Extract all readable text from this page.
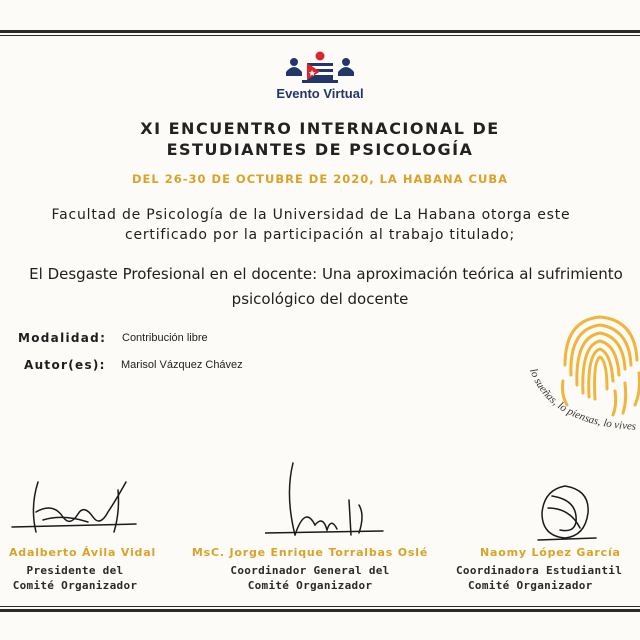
Evento Virtual
XI ENCUENTRO INTERNACIONAL DE
ESTUDIANTES DE PSICOLOGÍA
DEL 26-30 DE OCTUBRE DE 2020, LA HABANA CUBA
Facultad de Psicología de la Universidad de La Habana otorga este
certificado por la participación al trabajo titulado;
El Desgaste Profesional en el docente: Una aproximación teórica al sufrimiento
psicológico del docente
Modalidad: Contribución libre
Autor(es): Marisol Vázquez Chávez	lo sueñas, lo piensas, lo vives
Adalberto Ávila Vidal
Presidente del
Comité Organizador
MsC. Jorge Enrique Torralbas Oslé
Coordinador General del
Comité Organizador
Naomy López García
Coordinadora Estudiantil
Comité Organizador
